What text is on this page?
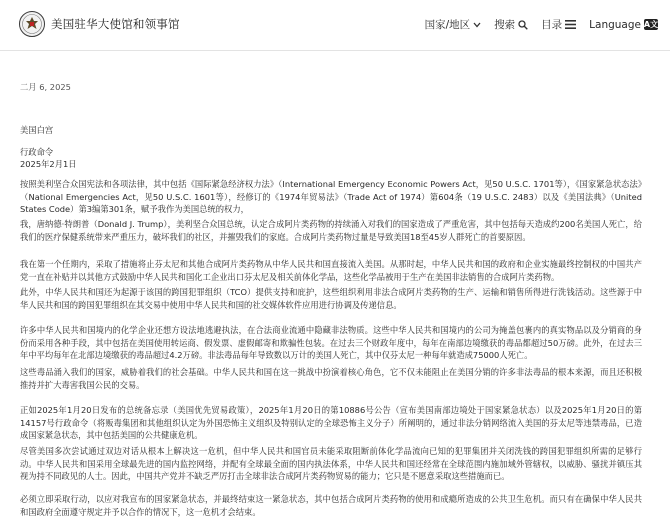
美国驻华大使馆和领事馆	国家/地区 搜索 目录	Language A文
二月 6, 2025
美国白宫
行政命令
2025年2月1日

按照美利坚合众国宪法和各项法律，其中包括《国际紧急经济权力法》（International Emergency Economic Powers Act，见50 U.S.C. 1701等），《国家紧急状态法》（National Emergencies Act，见50 U.S.C. 1601等），经修订的《1974年贸易法》（Trade Act of 1974）第604条（19 U.S.C. 2483）以及《美国法典》（United States Code）第3编第301条，赋予我作为美国总统的权力，

我，唐纳德·特朗普（Donald J. Trump），美利坚合众国总统，认定合成阿片类药物的持续涌入对我们的国家造成了严重危害，其中包括每天造成约200名美国人死亡，给我们的医疗保健系统带来严重压力，破坏我们的社区，并摧毁我们的家庭。合成阿片类药物过量是导致美国18至45岁人群死亡的首要原因。

我在第一个任期内，采取了措施将止芬太尼和其他合成阿片类药物从中华人民共和国直接流入美国。从那时起，中华人民共和国的政府和企业实施最终控制权的中国共产党一直在补贴并以其他方式鼓励中华人民共和国化工企业出口芬太尼及相关前体化学品，这些化学品被用于生产在美国非法销售的合成阿片类药物。

此外，中华人民共和国还为起源于该国的跨国犯罪组织（TCO）提供支持和庇护，这些组织利用非法合成阿片类药物的生产、运输和销售所得进行洗钱活动。这些源于中华人民共和国的跨国犯罪组织在其交易中使用中华人民共和国的社交媒体软件应用进行协调及传递信息。

许多中华人民共和国境内的化学企业还想方设法地逃避执法，在合法商业流通中隐藏非法物质。这些中华人民共和国境内的公司为掩盖包裹内的真实物品以及分销商的身份而采用各种手段，其中包括在美国使用转运商、假发票、虚假邮寄和欺骗性包装。在过去三个财政年度中，每年在南部边境缴获的毒品都超过50万磅。此外，在过去三年中平均每年在北部边境缴获的毒品超过4.2万磅。非法毒品每年导致数以万计的美国人死亡，其中仅芬太尼一种每年就造成75000人死亡。

这些毒品涌入我们的国家，威胁着我们的社会基础。中华人民共和国在这一挑战中扮演着核心角色，它不仅未能阻止在美国分销的许多非法毒品的根本来源，而且还积极推持并扩大毒害我国公民的交易。

正如2025年1月20日发布的总统备忘录（美国优先贸易政策），2025年1月20日的第10886号公告（宣布美国南部边境处于国家紧急状态）以及2025年1月20日的第14157号行政命令（将贩毒集团和其他组织认定为外国恐怖主义组织及特别认定的全球恐怖主义分子）所阐明的，通过非法分销网络流入美国的芬太尼等违禁毒品，已造成国家紧急状态，其中包括美国的公共健康危机。

尽管美国多次尝试通过双边对话从根本上解决这一危机，但中华人民共和国官员未能采取阻断前体化学品流向已知的犯罪集团并关闭洗钱的跨国犯罪组织所需的足够行动。中华人民共和国采用全球最先进的国内监控网络，并配有全球最全面的国内执法体系，中华人民共和国还经常在全球范围内施加域外管辖权，以威胁、骚扰并镇压其视为持不同政见的人士。因此，中国共产党并不缺乏严厉打击全球非法合成阿片类药物贸易的能力；它只是不愿意采取这些措施而已。

必须立即采取行动，以应对我宣布的国家紧急状态，并最终结束这一紧急状态，其中包括合成阿片类药物的使用和成瘾所造成的公共卫生危机。而只有在确保中华人民共和国政府全面遵守规定并予以合作的情况下，这一危机才会结束。
